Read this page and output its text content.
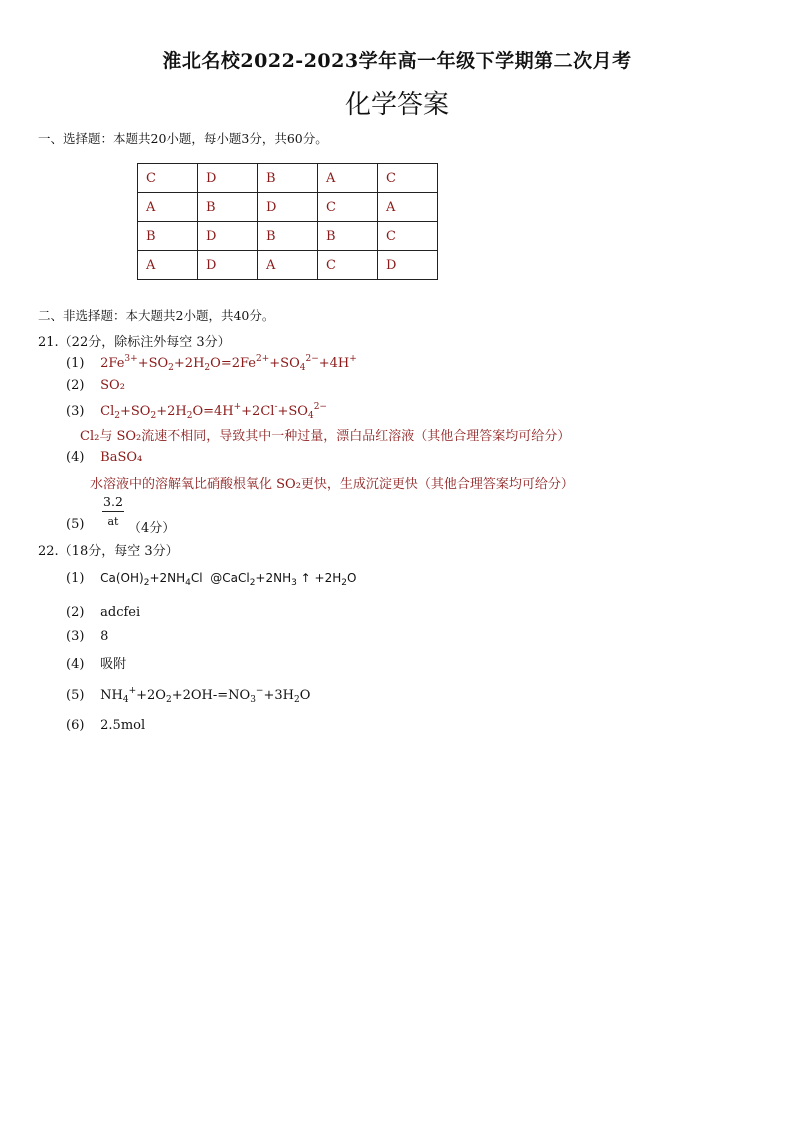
淮北名校2022-2023学年高一年级下学期第二次月考
化学答案
一、选择题：本题共20小题，每小题3分，共60分。
C	D	B	A	C
A	B	D	C	A
B	D	B	B	C
A	D	A	C	D
二、非选择题：本大题共2小题，共40分。
21.（22分，除标注外每空 3分）
(1) $2Fe^{3+}+SO_2+2H_2O=2Fe^{2+}+SO_4^{2-}+4H^+$
(2) SO₂
(3) $Cl_2+SO_2+2H_2O=4H^++2Cl^-+SO_4^{2-}$
Cl₂与 SO₂流速不相同，导致其中一种过量，漂白品红溶液（其他合理答案均可给分）
(4) BaSO₄
水溶液中的溶解氧比硝酸根氧化 SO₂更快，生成沉淀更快（其他合理答案均可给分）
$\frac{3.2}{at}$
(5)	（4分）
22.（18分，每空 3分）
(1) $Ca(OH)_2+2NH_4Cl$  $@CaCl_2+2NH_3$ ↑ $+2H_2O$
(2) adcfei
(3) 8
(4) 吸附
(5) $NH_4^++2O_2+2OH-=NO_3^-+3H_2O$
(6) 2.5mol
